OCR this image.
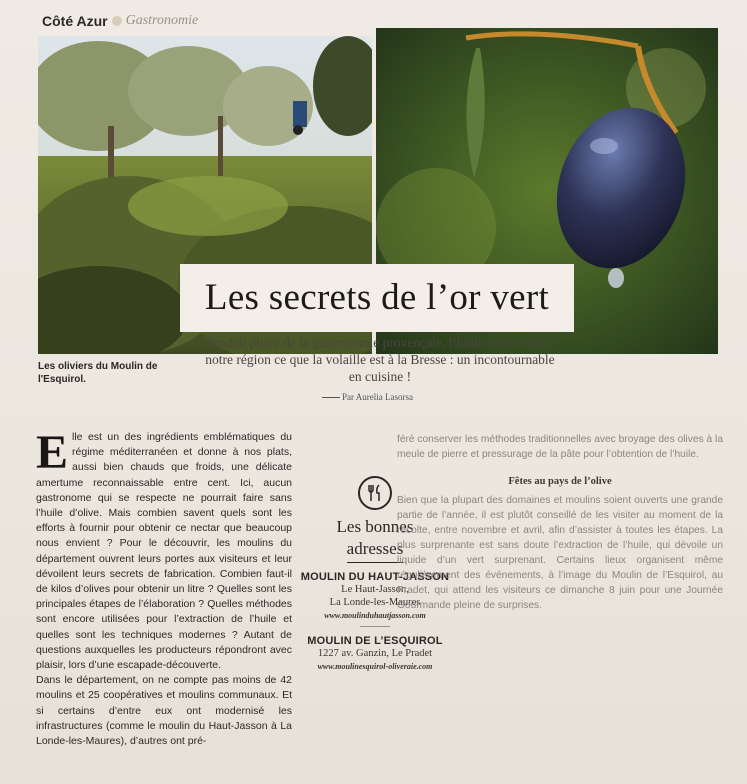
Côté Azur Gastronomie
Les oliviers du Moulin de l'Esquirol.
Les secrets de l’or vert
Produit phare de la gastronomie provençale, l’huile d’olive est à notre région ce que la volaille est à la Bresse : un incontournable en cuisine !
Par Aurelia Lasorsa
E lle est un des ingrédients emblématiques du régime méditerranéen et donne à nos plats, aussi bien chauds que froids, une délicate amertume reconnaissable entre cent. Ici, aucun gastronome qui se respecte ne pourrait faire sans l’huile d’olive. Mais combien savent quels sont les efforts à fournir pour obtenir ce nectar que beaucoup nous envient ? Pour le découvrir, les moulins du département ouvrent leurs portes aux visiteurs et leur dévoilent leurs secrets de fabrication. Combien faut-il de kilos d’olives pour obtenir un litre ? Quelles sont les principales étapes de l’élaboration ? Quelles méthodes sont encore utilisées pour l’extraction de l’huile et quelles sont les techniques modernes ? Autant de questions auxquelles les producteurs répondront avec plaisir, lors d’une escapade-découverte.

Dans le département, on ne compte pas moins de 42 moulins et 25 coopératives et moulins communaux. Et si certains d’entre eux ont modernisé les infrastructures (comme le moulin du Haut-Jasson à La Londe-les-Maures), d’autres ont pré-

Les bonnes
adresses
MOULIN DU HAUT-JASSON
Le Haut-Jasson,
La Londe-les-Maures
www.moulinduhautjasson.com
MOULIN DE L’ESQUIROL
1227 av. Ganzin, Le Pradet
www.moulinesquirol-oliveraie.com

féré conserver les méthodes traditionnelles avec broyage des olives à la meule de pierre et pressurage de la pâte pour l’obtention de l’huile.

Fêtes au pays de l’olive

Bien que la plupart des domaines et moulins soient ouverts une grande partie de l’année, il est plutôt conseillé de les visiter au moment de la récolte, entre novembre et avril, afin d’assister à toutes les étapes. La plus surprenante est sans doute l’extraction de l’huile, qui dévoile un liquide d’un vert surprenant. Certains lieux organisent même régulièrement des événements, à l’image du Moulin de l’Esquirol, au Pradet, qui attend les visiteurs ce dimanche 8 juin pour une Journée Gourmande pleine de surprises.
